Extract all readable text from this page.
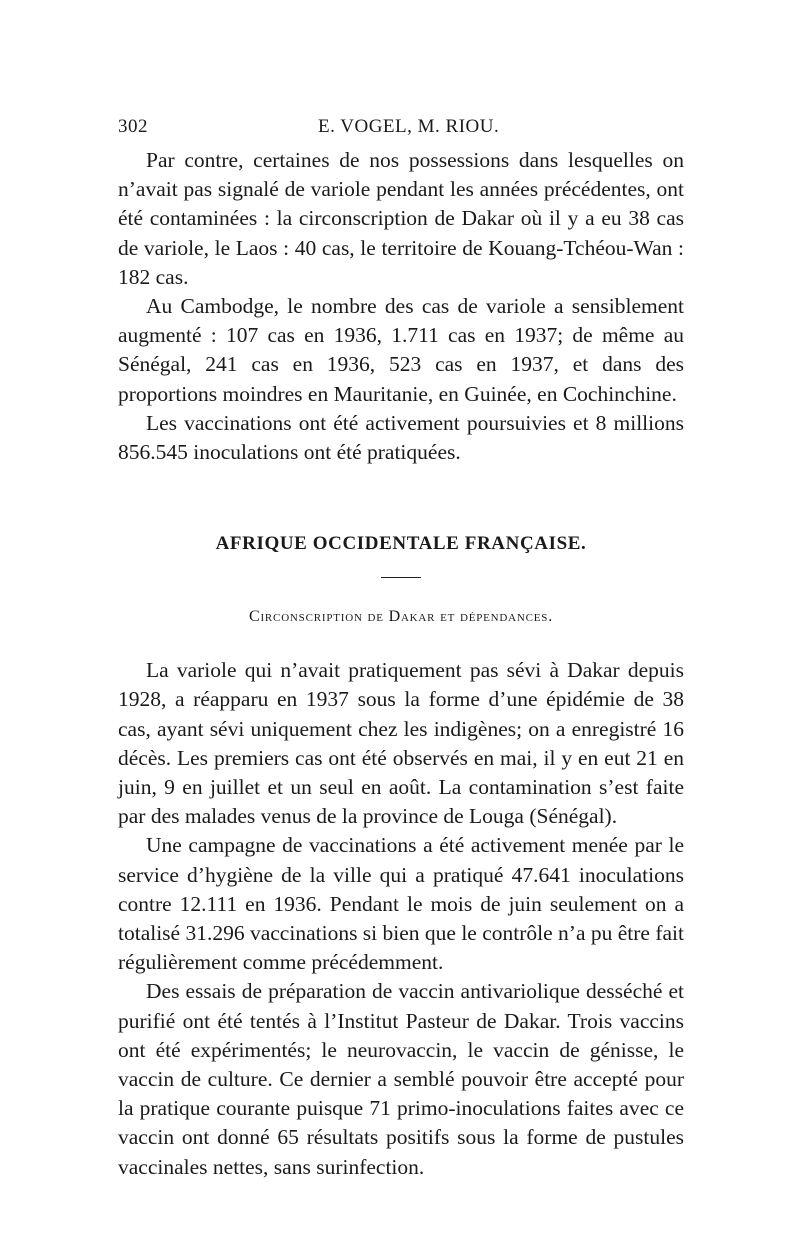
302	E. VOGEL, M. RIOU.

Par contre, certaines de nos possessions dans lesquelles on n’avait pas signalé de variole pendant les années précédentes, ont été contaminées : la circonscription de Dakar où il y a eu 38 cas de variole, le Laos : 40 cas, le territoire de Kouang-Tchéou-Wan : 182 cas.

Au Cambodge, le nombre des cas de variole a sensiblement augmenté : 107 cas en 1936, 1.711 cas en 1937; de même au Sénégal, 241 cas en 1936, 523 cas en 1937, et dans des proportions moindres en Mauritanie, en Guinée, en Cochinchine.

Les vaccinations ont été activement poursuivies et 8 millions 856.545 inoculations ont été pratiquées.

AFRIQUE OCCIDENTALE FRANÇAISE.

Circonscription de Dakar et dépendances.

La variole qui n’avait pratiquement pas sévi à Dakar depuis 1928, a réapparu en 1937 sous la forme d’une épidémie de 38 cas, ayant sévi uniquement chez les indigènes; on a enregistré 16 décès. Les premiers cas ont été observés en mai, il y en eut 21 en juin, 9 en juillet et un seul en août. La contamination s’est faite par des malades venus de la province de Louga (Sénégal).

Une campagne de vaccinations a été activement menée par le service d’hygiène de la ville qui a pratiqué 47.641 inoculations contre 12.111 en 1936. Pendant le mois de juin seulement on a totalisé 31.296 vaccinations si bien que le contrôle n’a pu être fait régulièrement comme précédemment.

Des essais de préparation de vaccin antivariolique desséché et purifié ont été tentés à l’Institut Pasteur de Dakar. Trois vaccins ont été expérimentés; le neurovaccin, le vaccin de génisse, le vaccin de culture. Ce dernier a semblé pouvoir être accepté pour la pratique courante puisque 71 primo-inoculations faites avec ce vaccin ont donné 65 résultats positifs sous la forme de pustules vaccinales nettes, sans surinfection.
